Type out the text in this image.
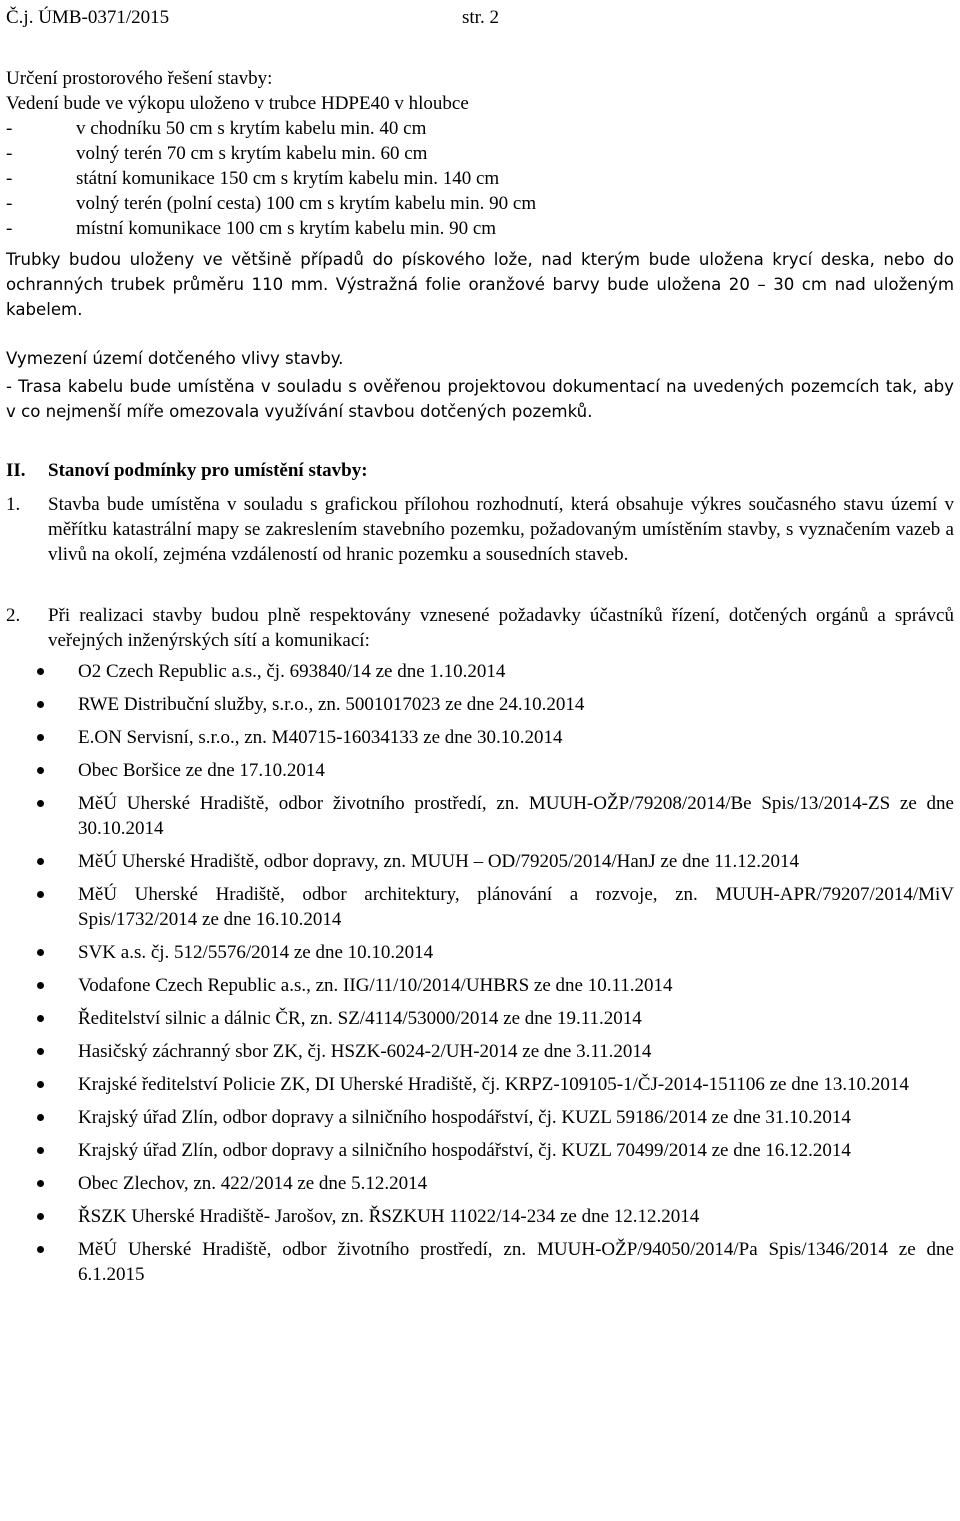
Č.j. ÚMB-0371/2015	str. 2

Určení prostorového řešení stavby:

Vedení bude ve výkopu uloženo v trubce HDPE40 v hloubce

-	v chodníku 50 cm s krytím kabelu min. 40 cm
-	volný terén 70 cm s krytím kabelu min. 60 cm
-	státní komunikace 150 cm s krytím kabelu min. 140 cm
-	volný terén (polní cesta) 100 cm s krytím kabelu min. 90 cm
-	místní komunikace 100 cm s krytím kabelu min. 90 cm

Trubky budou uloženy ve většině případů do pískového lože, nad kterým bude uložena krycí deska, nebo do ochranných trubek průměru 110 mm. Výstražná folie oranžové barvy bude uložena 20 – 30 cm nad uloženým kabelem.

Vymezení území dotčeného vlivy stavby.

- Trasa kabelu bude umístěna v souladu s ověřenou projektovou dokumentací na uvedených pozemcích tak, aby v co nejmenší míře omezovala využívání stavbou dotčených pozemků.

II.	Stanoví podmínky pro umístění stavby:
1.	Stavba bude umístěna v souladu s grafickou přílohou rozhodnutí, která obsahuje výkres současného stavu území v měřítku katastrální mapy se zakreslením stavebního pozemku, požadovaným umístěním stavby, s vyznačením vazeb a vlivů na okolí, zejména vzdáleností od hranic pozemku a sousedních staveb.
2.	Při realizaci stavby budou plně respektovány vznesené požadavky účastníků řízení, dotčených orgánů a správců veřejných inženýrských sítí a komunikací:
O2 Czech Republic a.s., čj. 693840/14 ze dne 1.10.2014
RWE Distribuční služby, s.r.o., zn. 5001017023 ze dne 24.10.2014
E.ON Servisní, s.r.o., zn. M40715-16034133 ze dne 30.10.2014
Obec Boršice ze dne 17.10.2014
MěÚ Uherské Hradiště, odbor životního prostředí, zn. MUUH-OŽP/79208/2014/Be Spis/13/2014-ZS ze dne 30.10.2014
MěÚ Uherské Hradiště, odbor dopravy, zn. MUUH – OD/79205/2014/HanJ ze dne 11.12.2014
MěÚ Uherské Hradiště, odbor architektury, plánování a rozvoje, zn. MUUH-APR/79207/2014/MiV Spis/1732/2014 ze dne 16.10.2014
SVK a.s. čj. 512/5576/2014 ze dne 10.10.2014
Vodafone Czech Republic a.s., zn. IIG/11/10/2014/UHBRS ze dne 10.11.2014
Ředitelství silnic a dálnic ČR, zn. SZ/4114/53000/2014 ze dne 19.11.2014
Hasičský záchranný sbor ZK, čj. HSZK-6024-2/UH-2014 ze dne 3.11.2014
Krajské ředitelství Policie ZK, DI Uherské Hradiště, čj. KRPZ-109105-1/ČJ-2014-151106 ze dne 13.10.2014
Krajský úřad Zlín, odbor dopravy a silničního hospodářství, čj. KUZL 59186/2014 ze dne 31.10.2014
Krajský úřad Zlín, odbor dopravy a silničního hospodářství, čj. KUZL 70499/2014 ze dne 16.12.2014
Obec Zlechov, zn. 422/2014 ze dne 5.12.2014
ŘSZK Uherské Hradiště- Jarošov, zn. ŘSZKUH 11022/14-234 ze dne 12.12.2014
MěÚ Uherské Hradiště, odbor životního prostředí, zn. MUUH-OŽP/94050/2014/Pa Spis/1346/2014 ze dne 6.1.2015
